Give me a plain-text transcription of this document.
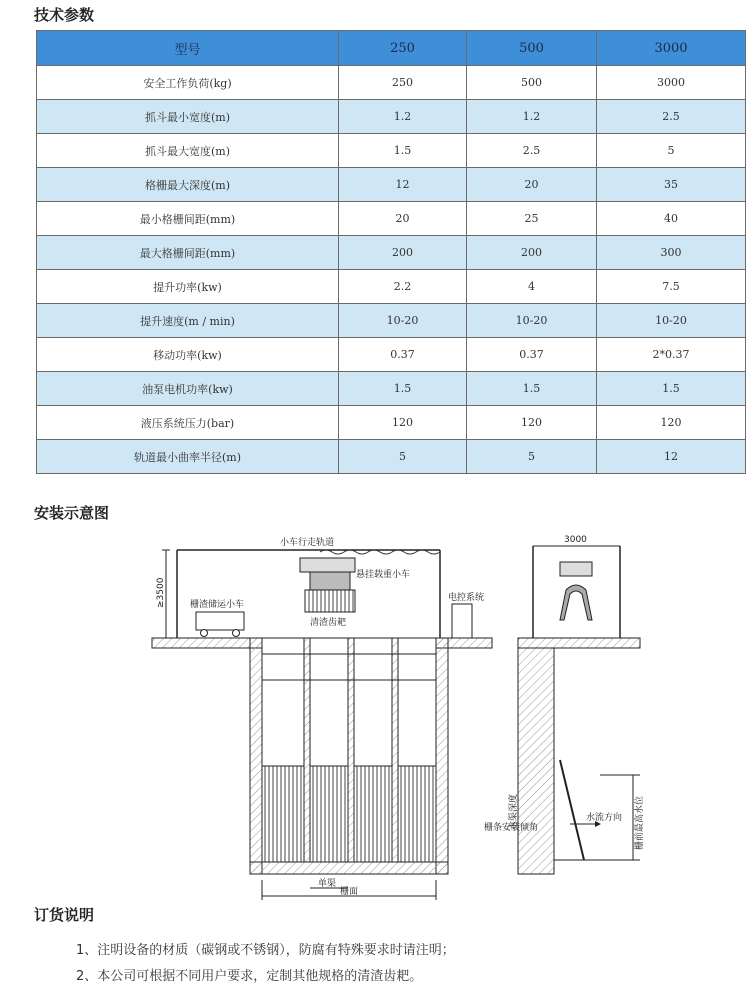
技术参数
型号	250	500	3000
安全工作负荷(kg)	250	500	3000
抓斗最小宽度(m)	1.2	1.2	2.5
抓斗最大宽度(m)	1.5	2.5	5
格栅最大深度(m)	12	20	35
最小格栅间距(mm)	20	25	40
最大格栅间距(mm)	200	200	300
提升功率(kw)	2.2	4	7.5
提升速度(m / min)	10-20	10-20	10-20
移动功率(kw)	0.37	0.37	2*0.37
油泵电机功率(kw)	1.5	1.5	1.5
液压系统压力(bar)	120	120	120
轨道最小曲率半径(m)	5	5	12
安装示意图
小车行走轨道
≥3500
悬挂载重小车
清渣齿耙
栅渣储运小车
电控系统
单渠
栅面
3000
水渠深度
栅条安装倾角
水流方向 栅前最高水位
订货说明
1、注明设备的材质（碳钢或不锈钢），防腐有特殊要求时请注明；
2、本公司可根据不同用户要求，定制其他规格的清渣齿耙。
